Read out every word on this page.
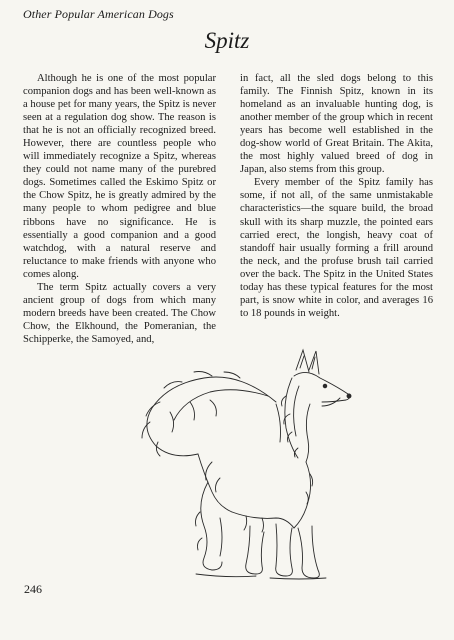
Other Popular American Dogs
Spitz

Although he is one of the most popular companion dogs and has been well-known as a house pet for many years, the Spitz is never seen at a regulation dog show. The reason is that he is not an officially recognized breed. However, there are countless people who will immediately recognize a Spitz, whereas they could not name many of the purebred dogs. Sometimes called the Eskimo Spitz or the Chow Spitz, he is greatly admired by the many people to whom pedigree and blue ribbons have no significance. He is essentially a good companion and a good watchdog, with a natural reserve and reluctance to make friends with anyone who comes along.

The term Spitz actually covers a very ancient group of dogs from which many modern breeds have been created. The Chow Chow, the Elkhound, the Pomeranian, the Schipperke, the Samoyed, and,

in fact, all the sled dogs belong to this family. The Finnish Spitz, known in its homeland as an invaluable hunting dog, is another member of the group which in recent years has become well established in the dog-show world of Great Britain. The Akita, the most highly valued breed of dog in Japan, also stems from this group.

Every member of the Spitz family has some, if not all, of the same unmistakable characteristics—the square build, the broad skull with its sharp muzzle, the pointed ears carried erect, the longish, heavy coat of standoff hair usually forming a frill around the neck, and the profuse brush tail carried over the back. The Spitz in the United States today has these typical features for the most part, is snow white in color, and averages 16 to 18 pounds in weight.

246
